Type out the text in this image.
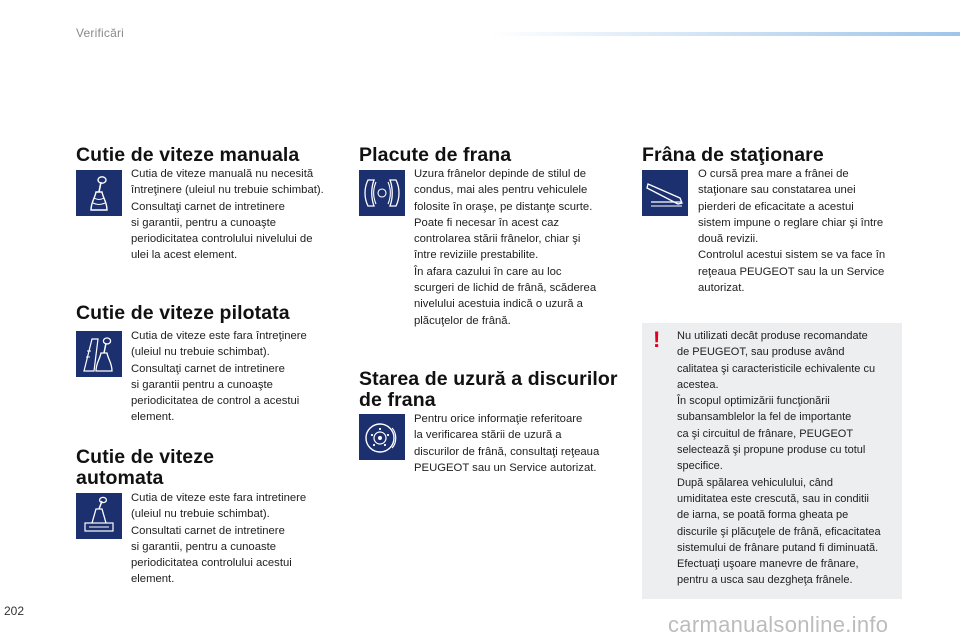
Verificări
Cutie de viteze manuala

Cutia de viteze manuală nu necesită
întreţinere (uleiul nu trebuie schimbat).
Consultaţi carnet de intretinere
si garantii, pentru a cunoaşte
periodicitatea controlului nivelului de
ulei la acest element.

Cutie de viteze pilotata

Cutia de viteze este fara întreţinere
(uleiul nu trebuie schimbat).
Consultaţi carnet de intretinere
si garantii pentru a cunoaşte
periodicitatea de control a acestui
element.

Cutie de viteze
automata

Cutia de viteze este fara intretinere
(uleiul nu trebuie schimbat).
Consultati carnet de intretinere
si garantii, pentru a cunoaste
periodicitatea controlului acestui
element.

Placute de frana

Uzura frânelor depinde de stilul de
condus, mai ales pentru vehiculele
folosite în oraşe, pe distanţe scurte.
Poate fi necesar în acest caz
controlarea stării frânelor, chiar şi
între reviziile prestabilite.
În afara cazului în care au loc
scurgeri de lichid de frână, scăderea
nivelului acestuia indică o uzură a
plăcuţelor de frână.

Starea de uzură a discurilor
de frana

Pentru orice informaţie referitoare
la verificarea stării de uzură a
discurilor de frână, consultaţi reţeaua
PEUGEOT sau un Service autorizat.

Frâna de staţionare

O cursă prea mare a frânei de
staţionare sau constatarea unei
pierderi de eficacitate a acestui
sistem impune o reglare chiar şi între
două revizii.
Controlul acestui sistem se va face în
reţeaua PEUGEOT sau la un Service
autorizat.

! Nu utilizati decât produse recomandate
de PEUGEOT, sau produse având
calitatea şi caracteristicile echivalente cu
acestea.
În scopul optimizării funcţionării
subansamblelor la fel de importante
ca şi circuitul de frânare, PEUGEOT
selectează şi propune produse cu totul
specifice.
După spălarea vehiculului, când
umiditatea este crescută, sau in conditii
de iarna, se poată forma gheata pe
discurile şi plăcuţele de frână, eficacitatea
sistemului de frânare putand fi diminuată.
Efectuaţi uşoare manevre de frânare,
pentru a usca sau dezgheţa frânele.

202
carmanualsonline.info
